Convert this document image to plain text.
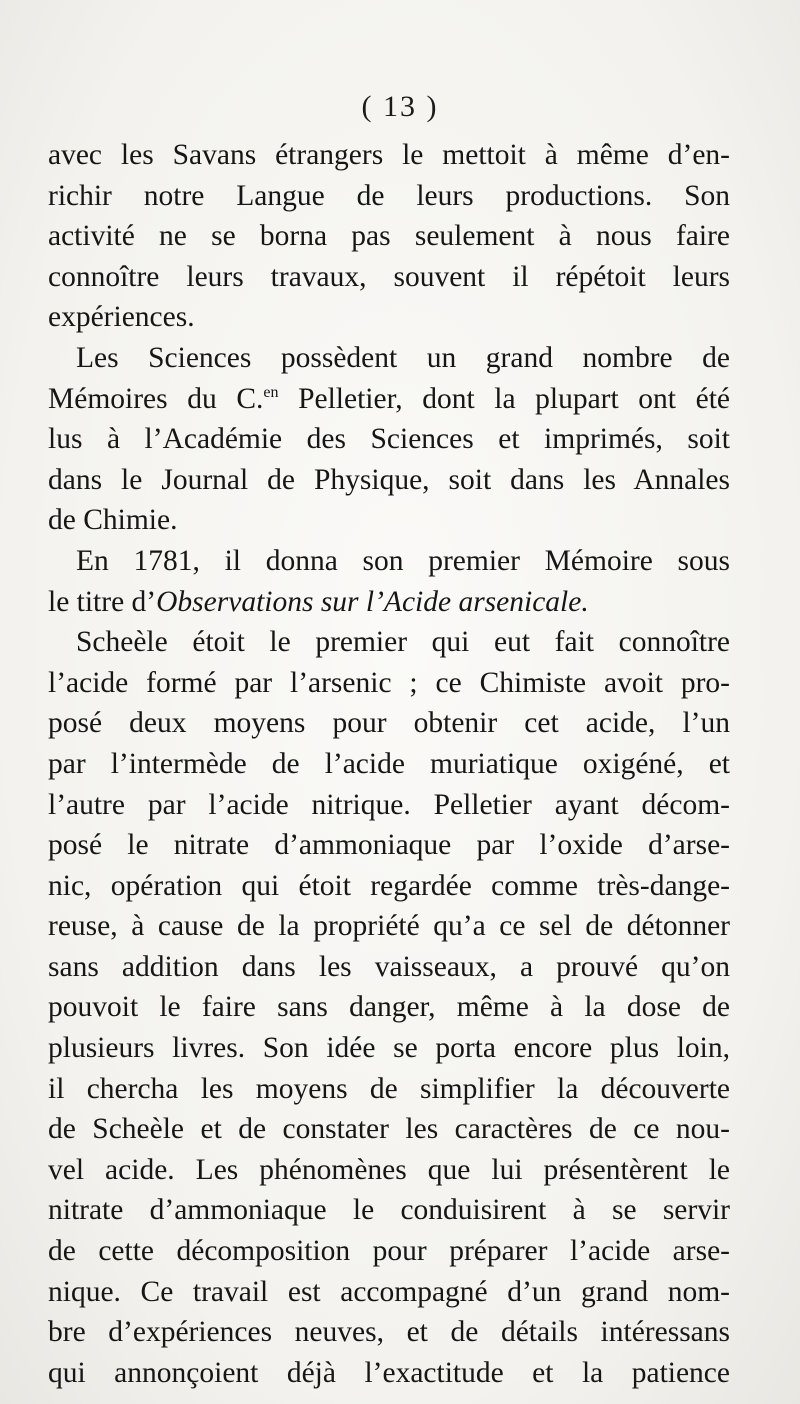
( 13 )
avec les Savans étrangers le mettoit à même d’en-
richir notre Langue de leurs productions. Son
activité ne se borna pas seulement à nous faire
connoître leurs travaux, souvent il répétoit leurs
expériences.
Les Sciences possèdent un grand nombre de
Mémoires du C.$^{en}$ Pelletier, dont la plupart ont été
lus à l’Académie des Sciences et imprimés, soit
dans le Journal de Physique, soit dans les Annales
de Chimie.
En 1781, il donna son premier Mémoire sous
le titre d’Observations sur l’Acide arsenicale.
Scheèle étoit le premier qui eut fait connoître
l’acide formé par l’arsenic ; ce Chimiste avoit pro-
posé deux moyens pour obtenir cet acide, l’un
par l’intermède de l’acide muriatique oxigéné, et
l’autre par l’acide nitrique. Pelletier ayant décom-
posé le nitrate d’ammoniaque par l’oxide d’arse-
nic, opération qui étoit regardée comme très-dange-
reuse, à cause de la propriété qu’a ce sel de détonner
sans addition dans les vaisseaux, a prouvé qu’on
pouvoit le faire sans danger, même à la dose de
plusieurs livres. Son idée se porta encore plus loin,
il chercha les moyens de simplifier la découverte
de Scheèle et de constater les caractères de ce nou-
vel acide. Les phénomènes que lui présentèrent le
nitrate d’ammoniaque le conduisirent à se servir
de cette décomposition pour préparer l’acide arse-
nique. Ce travail est accompagné d’un grand nom-
bre d’expériences neuves, et de détails intéressans
qui annonçoient déjà l’exactitude et la patience
